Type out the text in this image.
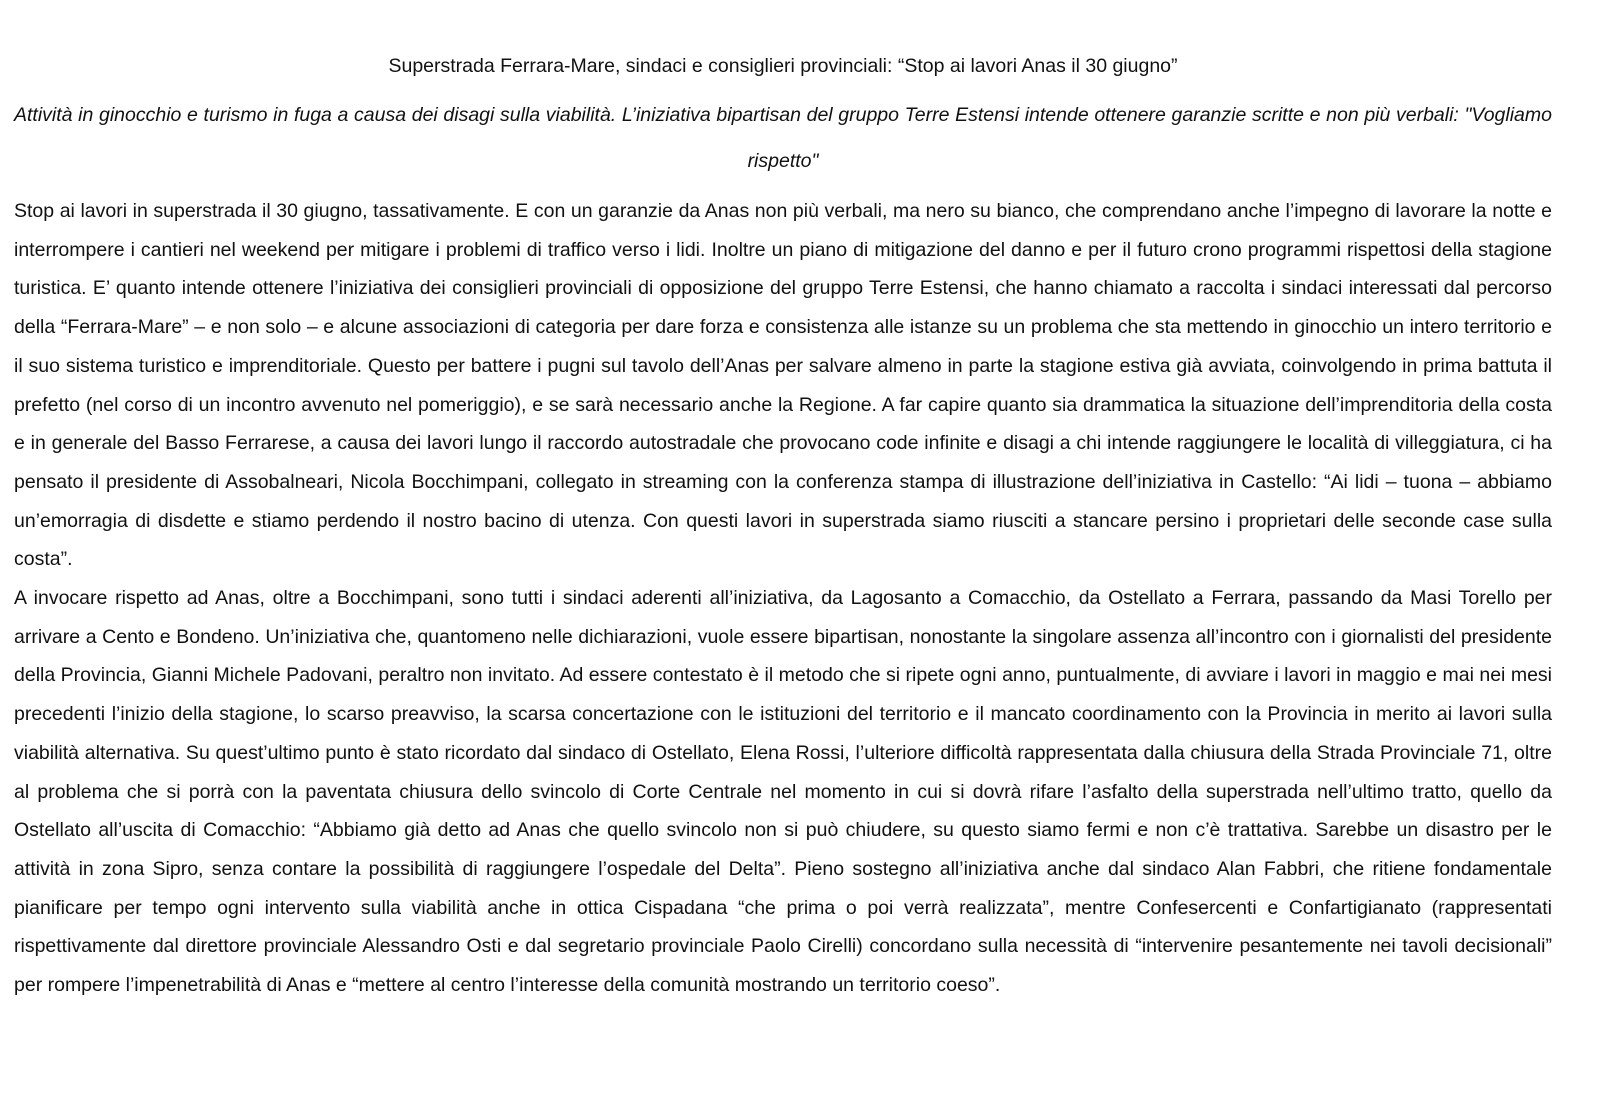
Superstrada Ferrara-Mare, sindaci e consiglieri provinciali: “Stop ai lavori Anas il 30 giugno”

Attività in ginocchio e turismo in fuga a causa dei disagi sulla viabilità. L’iniziativa bipartisan del gruppo Terre Estensi intende ottenere garanzie scritte e non più verbali: "Vogliamo rispetto"

Stop ai lavori in superstrada il 30 giugno, tassativamente. E con un garanzie da Anas non più verbali, ma nero su bianco, che comprendano anche l’impegno di lavorare la notte e interrompere i cantieri nel weekend per mitigare i problemi di traffico verso i lidi. Inoltre un piano di mitigazione del danno e per il futuro crono programmi rispettosi della stagione turistica. E’ quanto intende ottenere l’iniziativa dei consiglieri provinciali di opposizione del gruppo Terre Estensi, che hanno chiamato a raccolta i sindaci interessati dal percorso della “Ferrara-Mare” – e non solo – e alcune associazioni di categoria per dare forza e consistenza alle istanze su un problema che sta mettendo in ginocchio un intero territorio e il suo sistema turistico e imprenditoriale. Questo per battere i pugni sul tavolo dell’Anas per salvare almeno in parte la stagione estiva già avviata, coinvolgendo in prima battuta il prefetto (nel corso di un incontro avvenuto nel pomeriggio), e se sarà necessario anche la Regione. A far capire quanto sia drammatica la situazione dell’imprenditoria della costa e in generale del Basso Ferrarese, a causa dei lavori lungo il raccordo autostradale che provocano code infinite e disagi a chi intende raggiungere le località di villeggiatura, ci ha pensato il presidente di Assobalneari, Nicola Bocchimpani, collegato in streaming con la conferenza stampa di illustrazione dell’iniziativa in Castello: “Ai lidi – tuona – abbiamo un’emorragia di disdette e stiamo perdendo il nostro bacino di utenza. Con questi lavori in superstrada siamo riusciti a stancare persino i proprietari delle seconde case sulla costa”.

A invocare rispetto ad Anas, oltre a Bocchimpani, sono tutti i sindaci aderenti all’iniziativa, da Lagosanto a Comacchio, da Ostellato a Ferrara, passando da Masi Torello per arrivare a Cento e Bondeno. Un’iniziativa che, quantomeno nelle dichiarazioni, vuole essere bipartisan, nonostante la singolare assenza all’incontro con i giornalisti del presidente della Provincia, Gianni Michele Padovani, peraltro non invitato. Ad essere contestato è il metodo che si ripete ogni anno, puntualmente, di avviare i lavori in maggio e mai nei mesi precedenti l’inizio della stagione, lo scarso preavviso, la scarsa concertazione con le istituzioni del territorio e il mancato coordinamento con la Provincia in merito ai lavori sulla viabilità alternativa. Su quest’ultimo punto è stato ricordato dal sindaco di Ostellato, Elena Rossi, l’ulteriore difficoltà rappresentata dalla chiusura della Strada Provinciale 71, oltre al problema che si porrà con la paventata chiusura dello svincolo di Corte Centrale nel momento in cui si dovrà rifare l’asfalto della superstrada nell’ultimo tratto, quello da Ostellato all’uscita di Comacchio: “Abbiamo già detto ad Anas che quello svincolo non si può chiudere, su questo siamo fermi e non c’è trattativa. Sarebbe un disastro per le attività in zona Sipro, senza contare la possibilità di raggiungere l’ospedale del Delta”. Pieno sostegno all’iniziativa anche dal sindaco Alan Fabbri, che ritiene fondamentale pianificare per tempo ogni intervento sulla viabilità anche in ottica Cispadana “che prima o poi verrà realizzata”, mentre Confesercenti e Confartigianato (rappresentati rispettivamente dal direttore provinciale Alessandro Osti e dal segretario provinciale Paolo Cirelli) concordano sulla necessità di “intervenire pesantemente nei tavoli decisionali” per rompere l’impenetrabilità di Anas e “mettere al centro l’interesse della comunità mostrando un territorio coeso”.
